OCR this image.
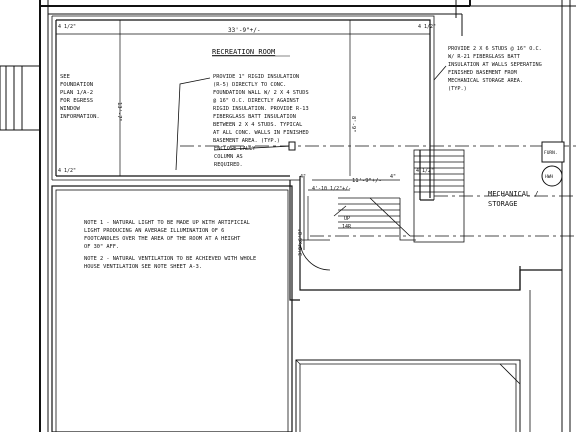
RECREATION ROOM
33'-9"+/-
13'-7"
8'-9"
11'-9"+/-
4'-10 1/2"+/-
3'0"x6'8"
4 1/2"	4 1/2"
4 1/2"	4 1/2"
4"	4"
UP
14R
SEE
FOUNDATION
PLAN 1/A-2
FOR EGRESS
WINDOW
INFORMATION.
PROVIDE 1" RIGID INSULATION
(R-5) DIRECTLY TO CONC.
FOUNDATION WALL W/ 2 X 4 STUDS
@ 16" O.C. DIRECTLY AGAINST
RIGID INSULATION. PROVIDE R-13
FIBERGLASS BATT INSULATION
BETWEEN 2 X 4 STUDS. TYPICAL
AT ALL CONC. WALLS IN FINISHED
BASEMENT AREA. (TYP.)
ENCLOSE LALLY
COLUMN AS
REQUIRED.
PROVIDE 2 X 6 STUDS @ 16" O.C.
W/ R-21 FIBERGLASS BATT
INSULATION AT WALLS SEPERATING
FINISHED BASEMENT FROM
MECHANICAL STORAGE AREA.
(TYP.)
MECHANICAL /
STORAGE
FURN.
HWH
NOTE 1 - NATURAL LIGHT TO BE MADE UP WITH ARTIFICIAL
LIGHT PRODUCING AN AVERAGE ILLUMINATION OF 6
FOOTCANDLES OVER THE AREA OF THE ROOM AT A HEIGHT
OF 30" AFF.
NOTE 2 - NATURAL VENTILATION TO BE ACHIEVED WITH WHOLE
HOUSE VENTILATION SEE NOTE SHEET A-3.
